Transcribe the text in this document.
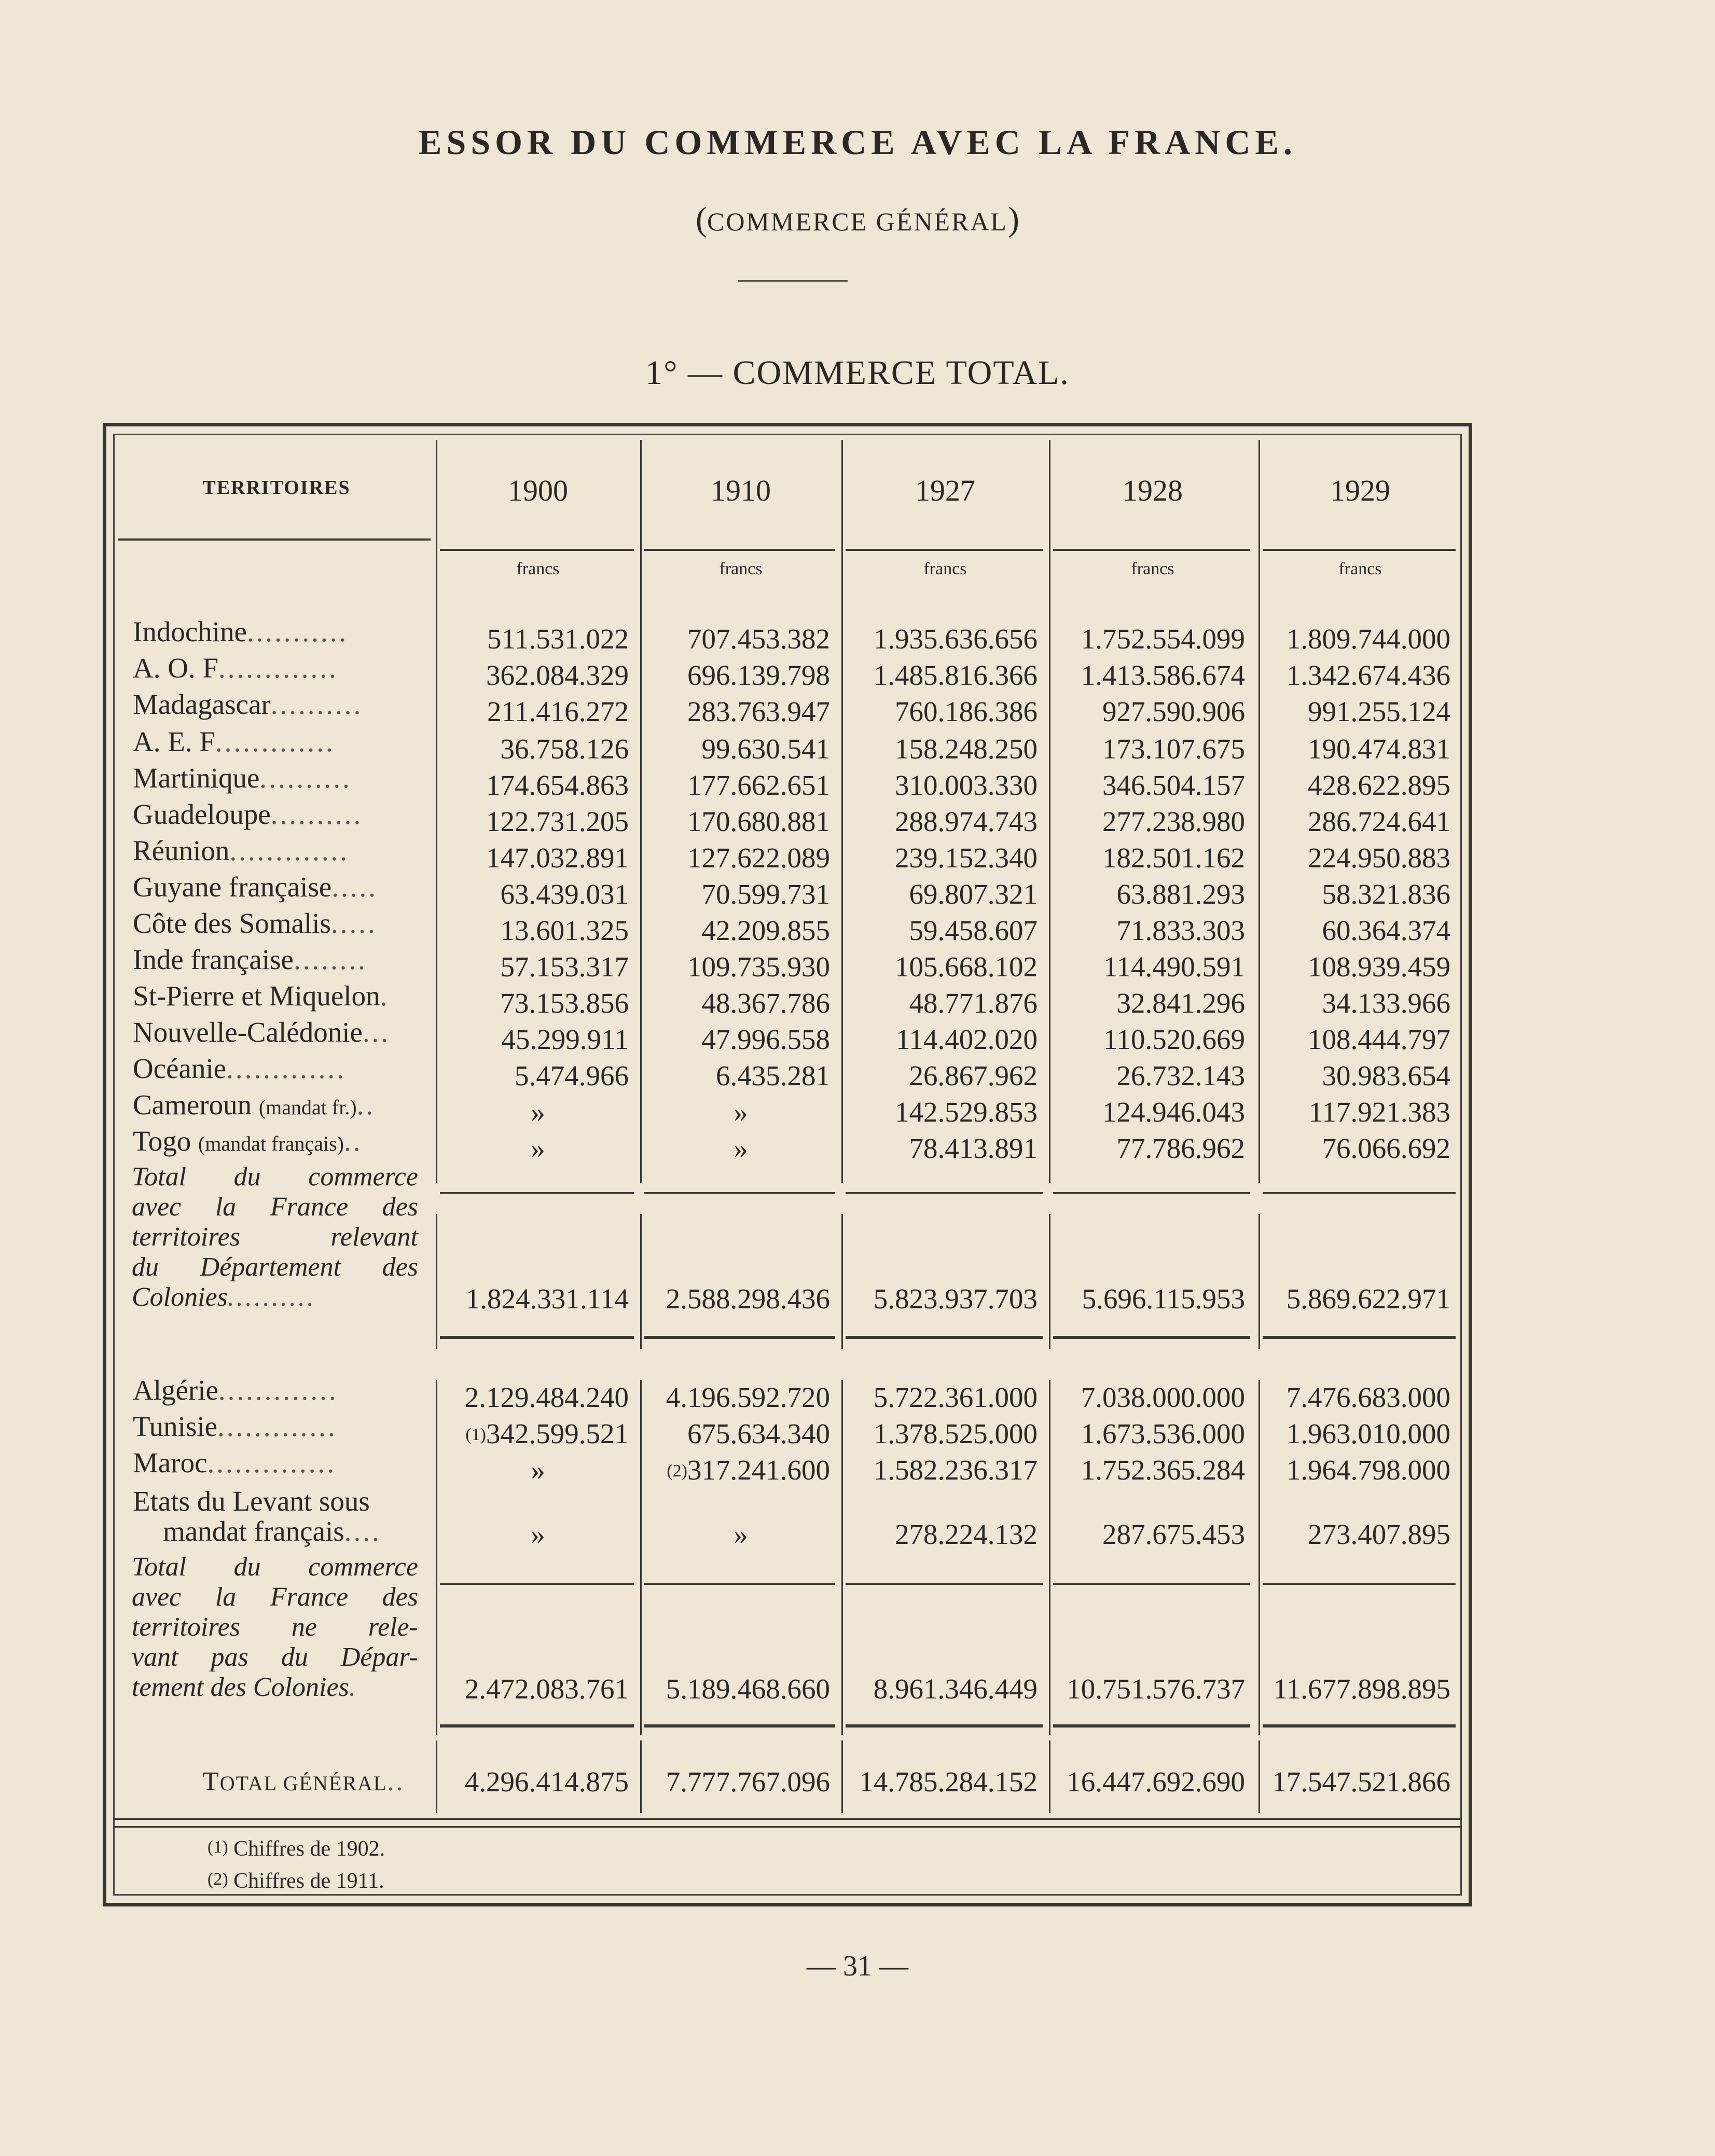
ESSOR DU COMMERCE AVEC LA FRANCE.
(COMMERCE GÉNÉRAL)
1° — COMMERCE TOTAL.
TERRITOIRES	1900	1910	1927	1928	1929
francs	francs	francs	francs	francs
Indochine...........	511.531.022	707.453.382	1.935.636.656	1.752.554.099	1.809.744.000
A. O. F.............	362.084.329	696.139.798	1.485.816.366	1.413.586.674	1.342.674.436
Madagascar..........	211.416.272	283.763.947	760.186.386	927.590.906	991.255.124
A. E. F.............	36.758.126	99.630.541	158.248.250	173.107.675	190.474.831
Martinique..........	174.654.863	177.662.651	310.003.330	346.504.157	428.622.895
Guadeloupe..........	122.731.205	170.680.881	288.974.743	277.238.980	286.724.641
Réunion.............	147.032.891	127.622.089	239.152.340	182.501.162	224.950.883
Guyane française.....	63.439.031	70.599.731	69.807.321	63.881.293	58.321.836
Côte des Somalis.....	13.601.325	42.209.855	59.458.607	71.833.303	60.364.374
Inde française........	57.153.317	109.735.930	105.668.102	114.490.591	108.939.459
St-Pierre et Miquelon.	73.153.856	48.367.786	48.771.876	32.841.296	34.133.966
Nouvelle-Calédonie...	45.299.911	47.996.558	114.402.020	110.520.669	108.444.797
Océanie.............	5.474.966	6.435.281	26.867.962	26.732.143	30.983.654
Cameroun (mandat fr.)..	»	»	142.529.853	124.946.043	117.921.383
Togo (mandat français)..	»	»	78.413.891	77.786.962	76.066.692
Total du commerce
avec la France des
territoires relevant
du Département des
Colonies..........	1.824.331.114	2.588.298.436	5.823.937.703	5.696.115.953	5.869.622.971
Algérie.............	2.129.484.240	4.196.592.720	5.722.361.000	7.038.000.000	7.476.683.000
Tunisie.............	$^{(1)}$342.599.521	675.634.340	1.378.525.000	1.673.536.000	1.963.010.000
Maroc..............	»	$^{(2)}$317.241.600	1.582.236.317	1.752.365.284	1.964.798.000
Etats du Levant sous
mandat français....	»	»	278.224.132	287.675.453	273.407.895
Total du commerce
avec la France des
territoires ne rele-
vant pas du Dépar-
tement des Colonies.	2.472.083.761	5.189.468.660	8.961.346.449	10.751.576.737 11.677.898.895
TOTAL GÉNÉRAL..	4.296.414.875	7.777.767.096	14.785.284.152	16.447.692.690 17.547.521.866
$^{(1)}$ Chiffres de 1902.
$^{(2)}$ Chiffres de 1911.
— 31 —
